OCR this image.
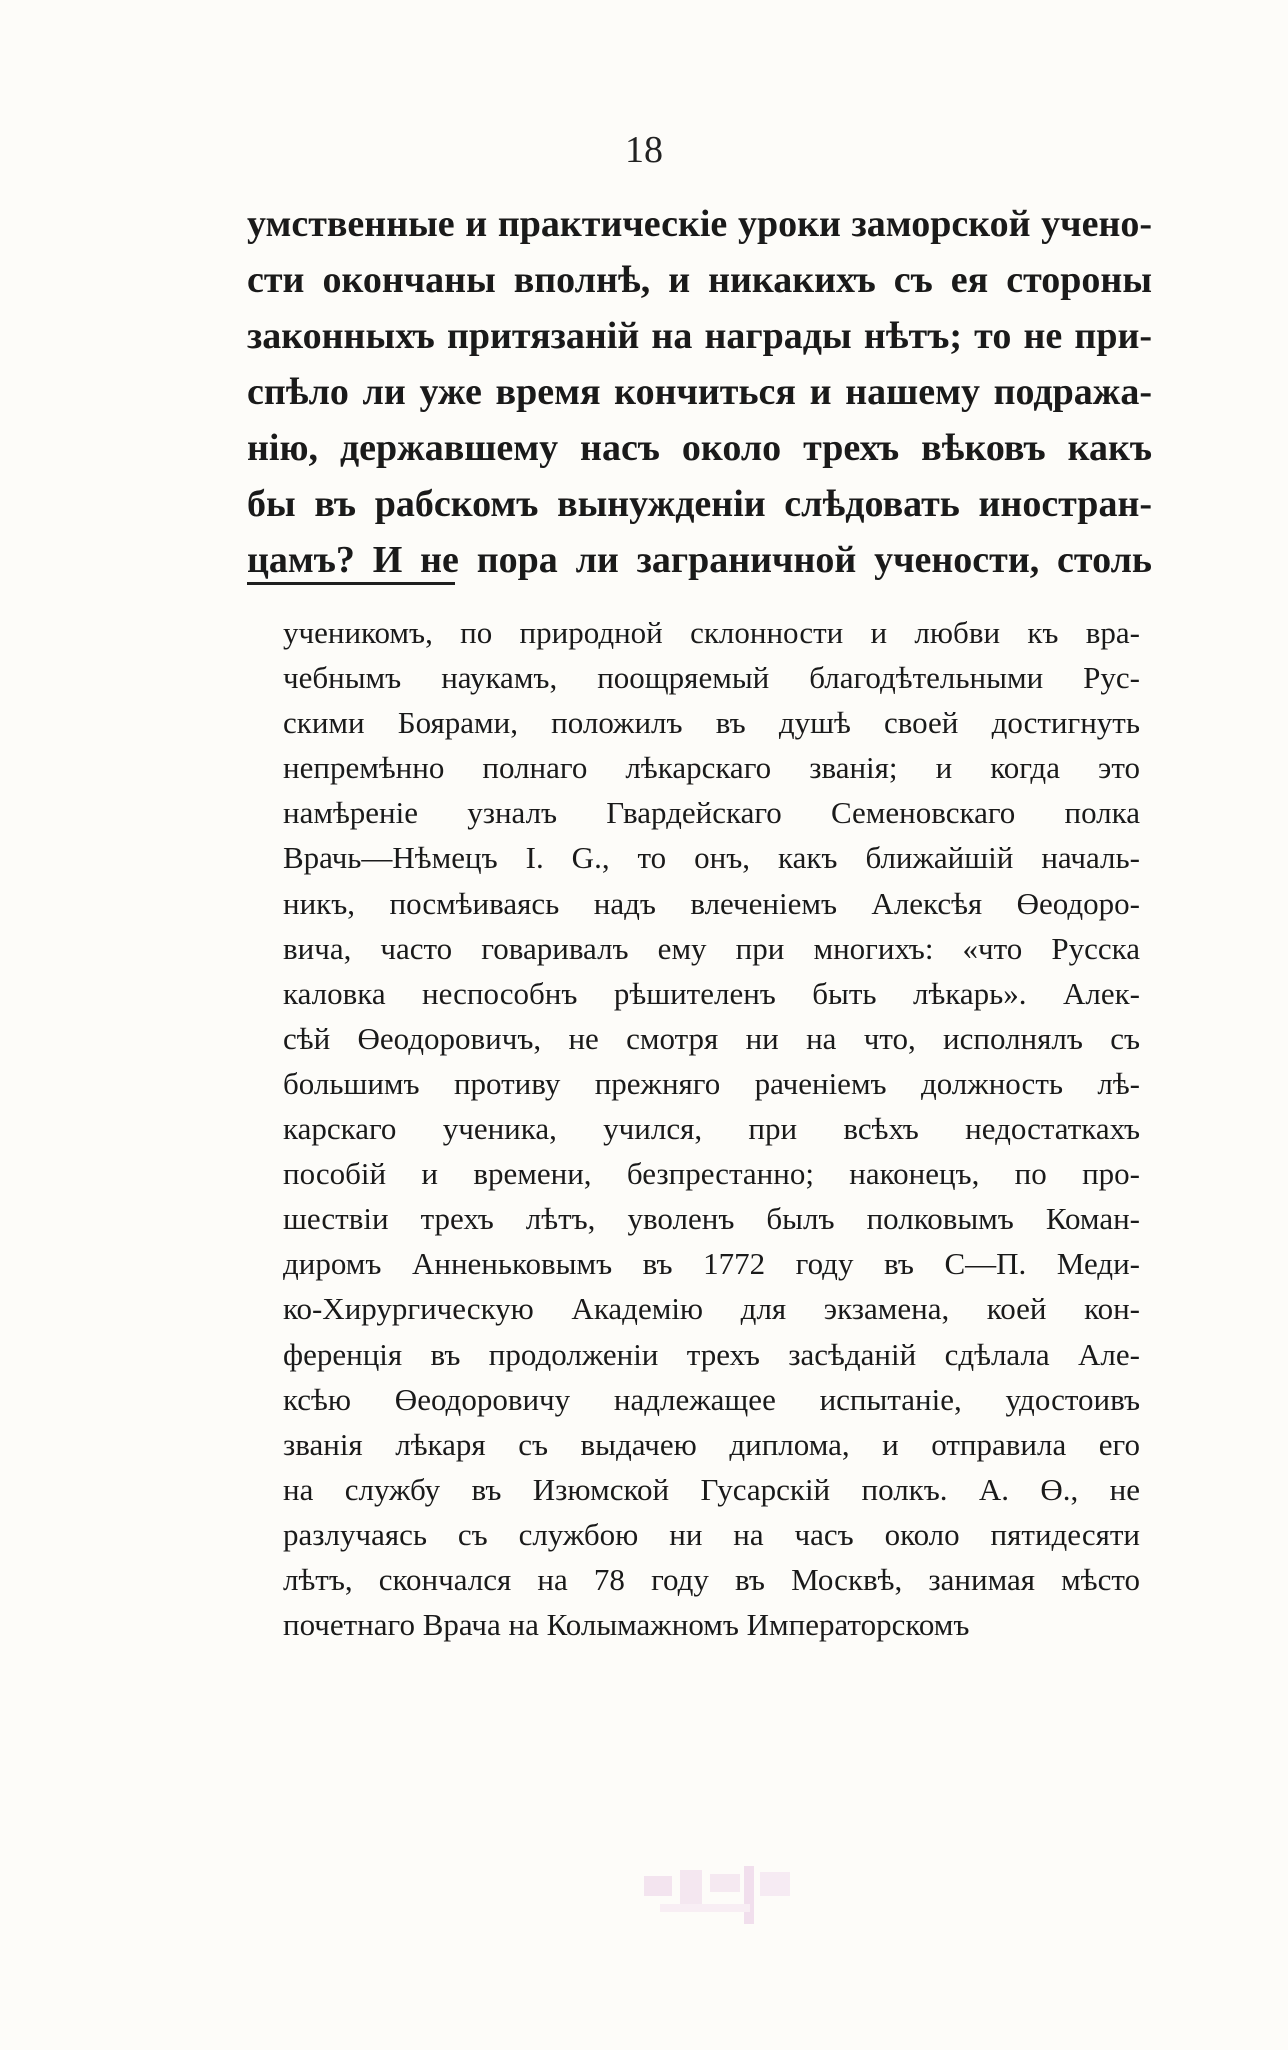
18
умственные и практическіе уроки заморской учено-
сти окончаны вполнѣ, и никакихъ съ ея стороны
законныхъ притязаній на награды нѣтъ; то не при-
спѣло ли уже время кончиться и нашему подража-
нію, державшему насъ около трехъ вѣковъ какъ
бы въ рабскомъ вынужденіи слѣдовать иностран-
цамъ? И не пора ли заграничной учености, столь
ученикомъ, по природной склонности и любви къ вра-
чебнымъ наукамъ, поощряемый благодѣтельными Рус-
скими Боярами, положилъ въ душѣ своей достигнуть
непремѣнно полнаго лѣкарскаго званія; и когда это
намѣреніе узналъ Гвардейскаго Семеновскаго полка
Врачь—Нѣмецъ І. G., то онъ, какъ ближайшій началь-
никъ, посмѣиваясь надъ влеченіемъ Алексѣя Өеодоро-
вича, часто говаривалъ ему при многихъ: «что Русска
каловка неспособнъ рѣшителенъ быть лѣкарь». Алек-
сѣй Өеодоровичъ, не смотря ни на что, исполнялъ съ
большимъ противу прежняго раченіемъ должность лѣ-
карскаго ученика, учился, при всѣхъ недостаткахъ
пособій и времени, безпрестанно; наконецъ, по про-
шествіи трехъ лѣтъ, уволенъ былъ полковымъ Коман-
диромъ Анненьковымъ въ 1772 году въ С—П. Меди-
ко-Хирургическую Академію для экзамена, коей кон-
ференція въ продолженіи трехъ засѣданій сдѣлала Але-
ксѣю Өеодоровичу надлежащее испытаніе, удостоивъ
званія лѣкаря съ выдачею диплома, и отправила его
на службу въ Изюмской Гусарскій полкъ. А. Ө., не
разлучаясь съ службою ни на часъ около пятидесяти
лѣтъ, скончался на 78 году въ Москвѣ, занимая мѣсто
почетнаго Врача на Колымажномъ Императорскомъ
